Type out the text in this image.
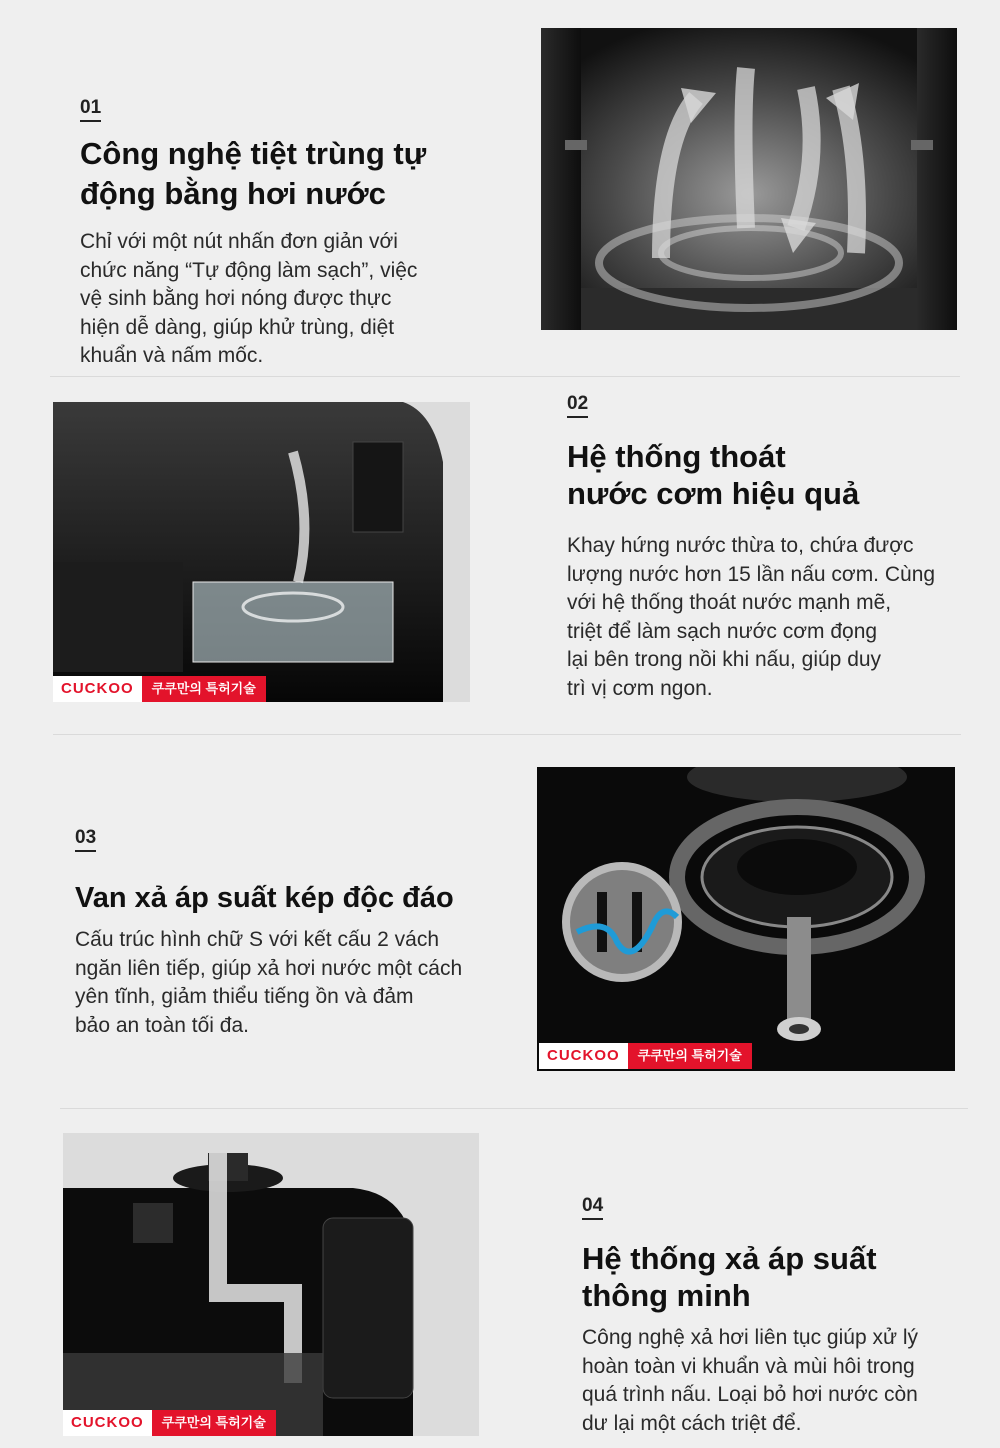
01
Công nghệ tiệt trùng tự
động bằng hơi nước
Chỉ với một nút nhấn đơn giản với
chức năng “Tự động làm sạch”, việc
vệ sinh bằng hơi nóng được thực
hiện dễ dàng, giúp khử trùng, diệt
khuẩn và nấm mốc.
CUCKOO	쿠쿠만의 특허기술
02
Hệ thống thoát
nước cơm hiệu quả
Khay hứng nước thừa to, chứa được
lượng nước hơn 15 lần nấu cơm. Cùng
với hệ thống thoát nước mạnh mẽ,
triệt để làm sạch nước cơm đọng
lại bên trong nồi khi nấu, giúp duy
trì vị cơm ngon.
03
Van xả áp suất kép độc đáo
Cấu trúc hình chữ S với kết cấu 2 vách
ngăn liên tiếp, giúp xả hơi nước một cách
yên tĩnh, giảm thiểu tiếng ồn và đảm
bảo an toàn tối đa.
CUCKOO	쿠쿠만의 특허기술
CUCKOO	쿠쿠만의 특허기술
04
Hệ thống xả áp suất
thông minh
Công nghệ xả hơi liên tục giúp xử lý
hoàn toàn vi khuẩn và mùi hôi trong
quá trình nấu. Loại bỏ hơi nước còn
dư lại một cách triệt để.
